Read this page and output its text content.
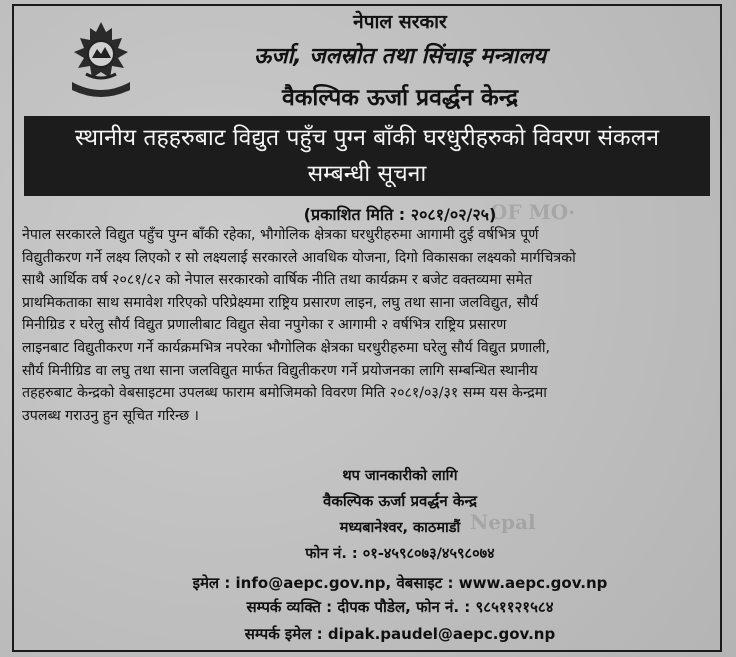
OF MO·
Nepal
नेपाल सरकार
ऊर्जा, जलस्रोत तथा सिंचाइ मन्त्रालय
वैकल्पिक ऊर्जा प्रवर्द्धन केन्द्र
स्थानीय तहहरुबाट विद्युत पहुँच पुग्न बाँकी घरधुरीहरुको विवरण संकलन
सम्बन्धी सूचना
(प्रकाशित मिति : २०८१/०२/२५)
नेपाल सरकारले विद्युत पहुँच पुग्न बाँकी रहेका, भौगोलिक क्षेत्रका घरधुरीहरुमा आगामी दुई वर्षभित्र पूर्ण
विद्युतीकरण गर्ने लक्ष्य लिएको र सो लक्ष्यलाई सरकारले आवधिक योजना, दिगो विकासका लक्ष्यको मार्गचित्रको
साथै आर्थिक वर्ष २०८१/८२ को नेपाल सरकारको वार्षिक नीति तथा कार्यक्रम र बजेट वक्तव्यमा समेत
प्राथमिकताका साथ समावेश गरिएको परिप्रेक्ष्यमा राष्ट्रिय प्रसारण लाइन, लघु तथा साना जलविद्युत, सौर्य
मिनीग्रिड र घरेलु सौर्य विद्युत प्रणालीबाट विद्युत सेवा नपुगेका र आगामी २ वर्षभित्र राष्ट्रिय प्रसारण
लाइनबाट विद्युतीकरण गर्ने कार्यक्रमभित्र नपरेका भौगोलिक क्षेत्रका घरधुरीहरुमा घरेलु सौर्य विद्युत प्रणाली,
सौर्य मिनीग्रिड वा लघु तथा साना जलविद्युत मार्फत विद्युतीकरण गर्ने प्रयोजनका लागि सम्बन्धित स्थानीय
तहहरुबाट केन्द्रको वेबसाइटमा उपलब्ध फाराम बमोजिमको विवरण मिति २०८१/०३/३१ सम्म यस केन्द्रमा
उपलब्ध गराउनु हुन सूचित गरिन्छ ।
थप जानकारीको लागि
वैकल्पिक ऊर्जा प्रवर्द्धन केन्द्र
मध्यबानेश्वर, काठमाडौं
फोन नं. : ०१-४५९८०७३/४५९८०७४
इमेल : info@aepc.gov.np, वेबसाइट : www.aepc.gov.np
सम्पर्क व्यक्ति : दीपक पौडेल, फोन नं. : ९८५११२१५८४
सम्पर्क इमेल : dipak.paudel@aepc.gov.np
